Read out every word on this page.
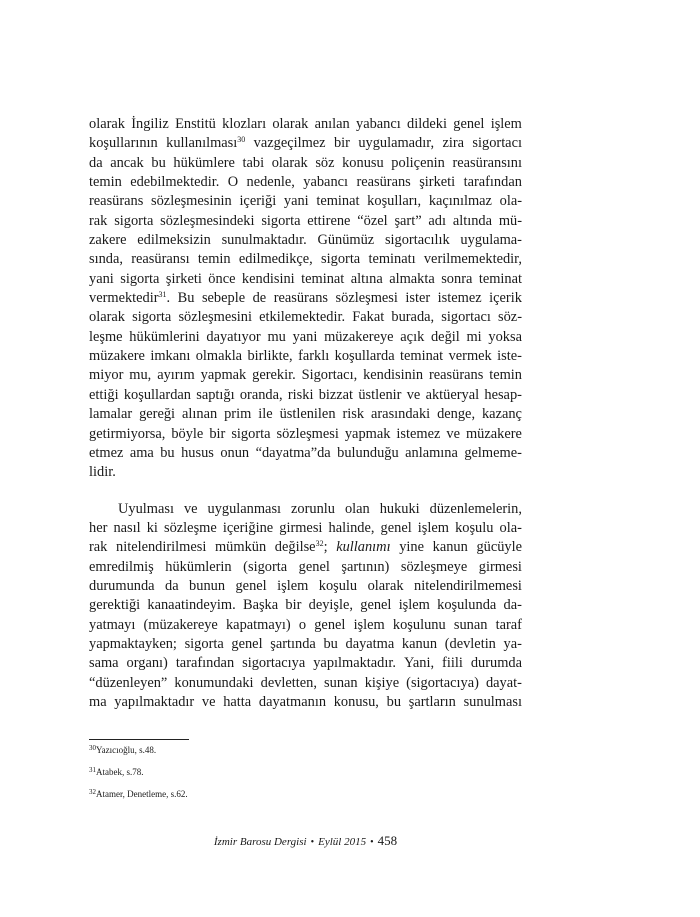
olarak İngiliz Enstitü klozları olarak anılan yabancı dildeki genel işlem
koşullarının kullanılması$^{30}$ vazgeçilmez bir uygulamadır, zira sigortacı
da ancak bu hükümlere tabi olarak söz konusu poliçenin reasüransını
temin edebilmektedir. O nedenle, yabancı reasürans şirketi tarafından
reasürans sözleşmesinin içeriği yani teminat koşulları, kaçınılmaz ola-
rak sigorta sözleşmesindeki sigorta ettirene “özel şart” adı altında mü-
zakere edilmeksizin sunulmaktadır. Günümüz sigortacılık uygulama-
sında, reasüransı temin edilmedikçe, sigorta teminatı verilmemektedir,
yani sigorta şirketi önce kendisini teminat altına almakta sonra teminat
vermektedir$^{31}$. Bu sebeple de reasürans sözleşmesi ister istemez içerik
olarak sigorta sözleşmesini etkilemektedir. Fakat burada, sigortacı söz-
leşme hükümlerini dayatıyor mu yani müzakereye açık değil mi yoksa
müzakere imkanı olmakla birlikte, farklı koşullarda teminat vermek iste-
miyor mu, ayırım yapmak gerekir. Sigortacı, kendisinin reasürans temin
ettiği koşullardan saptığı oranda, riski bizzat üstlenir ve aktüeryal hesap-
lamalar gereği alınan prim ile üstlenilen risk arasındaki denge, kazanç
getirmiyorsa, böyle bir sigorta sözleşmesi yapmak istemez ve müzakere
etmez ama bu husus onun “dayatma”da bulunduğu anlamına gelmeme-
lidir.
Uyulması ve uygulanması zorunlu olan hukuki düzenlemelerin,
her nasıl ki sözleşme içeriğine girmesi halinde, genel işlem koşulu ola-
rak nitelendirilmesi mümkün değilse$^{32}$; kullanımı yine kanun gücüyle
emredilmiş hükümlerin (sigorta genel şartının) sözleşmeye girmesi
durumunda da bunun genel işlem koşulu olarak nitelendirilmemesi
gerektiği kanaatindeyim. Başka bir deyişle, genel işlem koşulunda da-
yatmayı (müzakereye kapatmayı) o genel işlem koşulunu sunan taraf
yapmaktayken; sigorta genel şartında bu dayatma kanun (devletin ya-
sama organı) tarafından sigortacıya yapılmaktadır. Yani, fiili durumda
“düzenleyen” konumundaki devletten, sunan kişiye (sigortacıya) dayat-
ma yapılmaktadır ve hatta dayatmanın konusu, bu şartların sunulması
$^{30}$Yazıcıoğlu, s.48.
$^{31}$Atabek, s.78.
$^{32}$Atamer, Denetleme, s.62.
İzmir Barosu Dergisi • Eylül 2015 • 458
